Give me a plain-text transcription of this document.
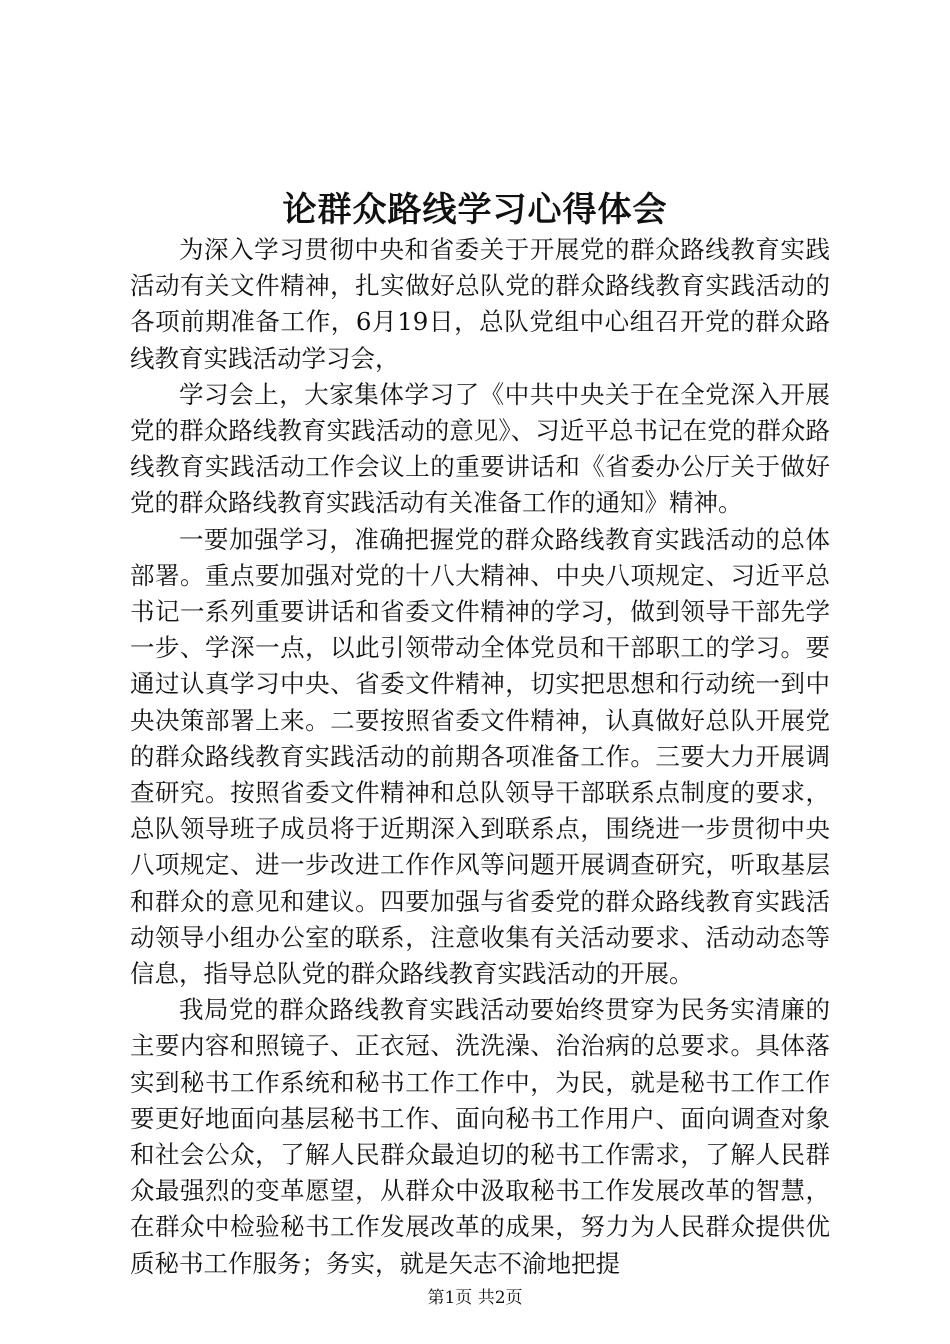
论群众路线学习心得体会

为深入学习贯彻中央和省委关于开展党的群众路线教育实践活动有关文件精神，扎实做好总队党的群众路线教育实践活动的各项前期准备工作，6月19日，总队党组中心组召开党的群众路线教育实践活动学习会，

学习会上，大家集体学习了《中共中央关于在全党深入开展党的群众路线教育实践活动的意见》、习近平总书记在党的群众路线教育实践活动工作会议上的重要讲话和《省委办公厅关于做好党的群众路线教育实践活动有关准备工作的通知》精神。

一要加强学习，准确把握党的群众路线教育实践活动的总体部署。重点要加强对党的十八大精神、中央八项规定、习近平总书记一系列重要讲话和省委文件精神的学习，做到领导干部先学一步、学深一点，以此引领带动全体党员和干部职工的学习。要通过认真学习中央、省委文件精神，切实把思想和行动统一到中央决策部署上来。二要按照省委文件精神，认真做好总队开展党的群众路线教育实践活动的前期各项准备工作。三要大力开展调查研究。按照省委文件精神和总队领导干部联系点制度的要求，总队领导班子成员将于近期深入到联系点，围绕进一步贯彻中央八项规定、进一步改进工作作风等问题开展调查研究，听取基层和群众的意见和建议。四要加强与省委党的群众路线教育实践活动领导小组办公室的联系，注意收集有关活动要求、活动动态等信息，指导总队党的群众路线教育实践活动的开展。

我局党的群众路线教育实践活动要始终贯穿为民务实清廉的主要内容和照镜子、正衣冠、洗洗澡、治治病的总要求。具体落实到秘书工作系统和秘书工作工作中，为民，就是秘书工作工作要更好地面向基层秘书工作、面向秘书工作用户、面向调查对象和社会公众，了解人民群众最迫切的秘书工作需求，了解人民群众最强烈的变革愿望，从群众中汲取秘书工作发展改革的智慧，在群众中检验秘书工作发展改革的成果，努力为人民群众提供优质秘书工作服务；务实，就是矢志不渝地把提

第1页 共2页
